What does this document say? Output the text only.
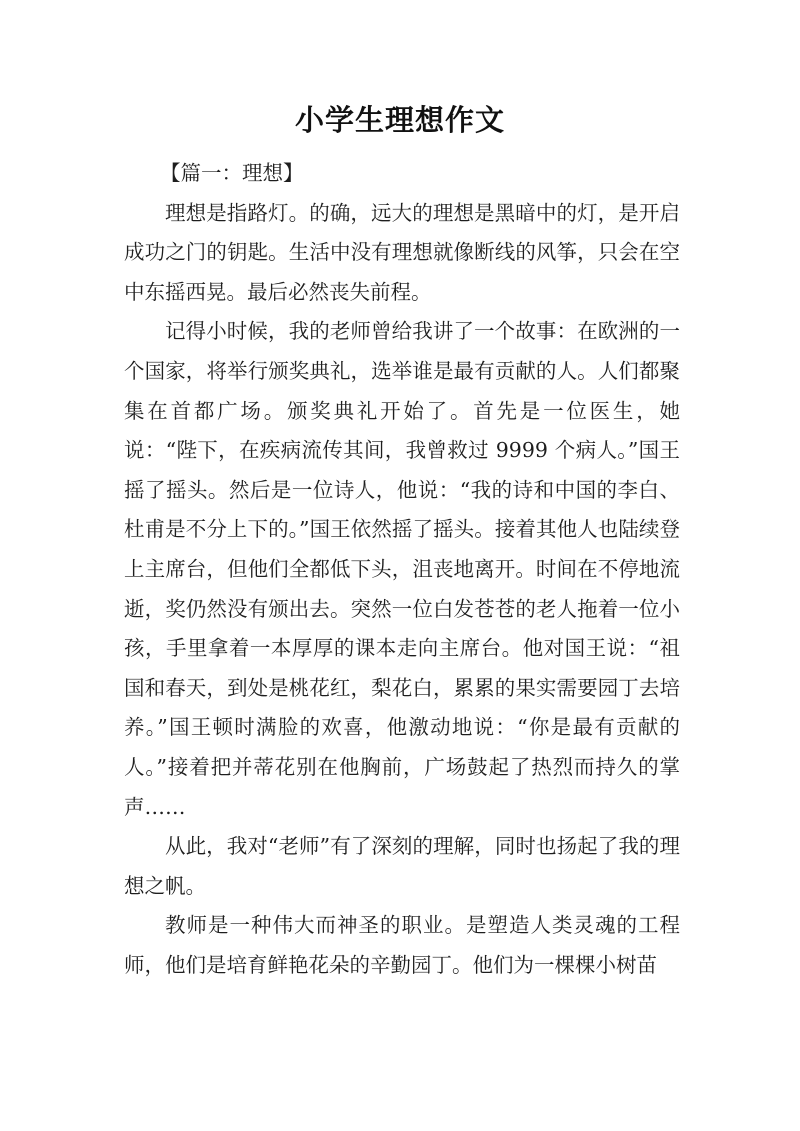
小学生理想作文

【篇一：理想】

理想是指路灯。的确，远大的理想是黑暗中的灯，是开启成功之门的钥匙。生活中没有理想就像断线的风筝，只会在空中东摇西晃。最后必然丧失前程。

记得小时候，我的老师曾给我讲了一个故事：在欧洲的一个国家，将举行颁奖典礼，选举谁是最有贡献的人。人们都聚集在首都广场。颁奖典礼开始了。首先是一位医生，她说：“陛下，在疾病流传其间，我曾救过 9999 个病人。”国王摇了摇头。然后是一位诗人，他说：“我的诗和中国的李白、杜甫是不分上下的。”国王依然摇了摇头。接着其他人也陆续登上主席台，但他们全都低下头，沮丧地离开。时间在不停地流逝，奖仍然没有颁出去。突然一位白发苍苍的老人拖着一位小孩，手里拿着一本厚厚的课本走向主席台。他对国王说：“祖国和春天，到处是桃花红，梨花白，累累的果实需要园丁去培养。”国王顿时满脸的欢喜，他激动地说：“你是最有贡献的人。”接着把并蒂花别在他胸前，广场鼓起了热烈而持久的掌声……

从此，我对“老师”有了深刻的理解，同时也扬起了我的理想之帆。

教师是一种伟大而神圣的职业。是塑造人类灵魂的工程师，他们是培育鲜艳花朵的辛勤园丁。他们为一棵棵小树苗
